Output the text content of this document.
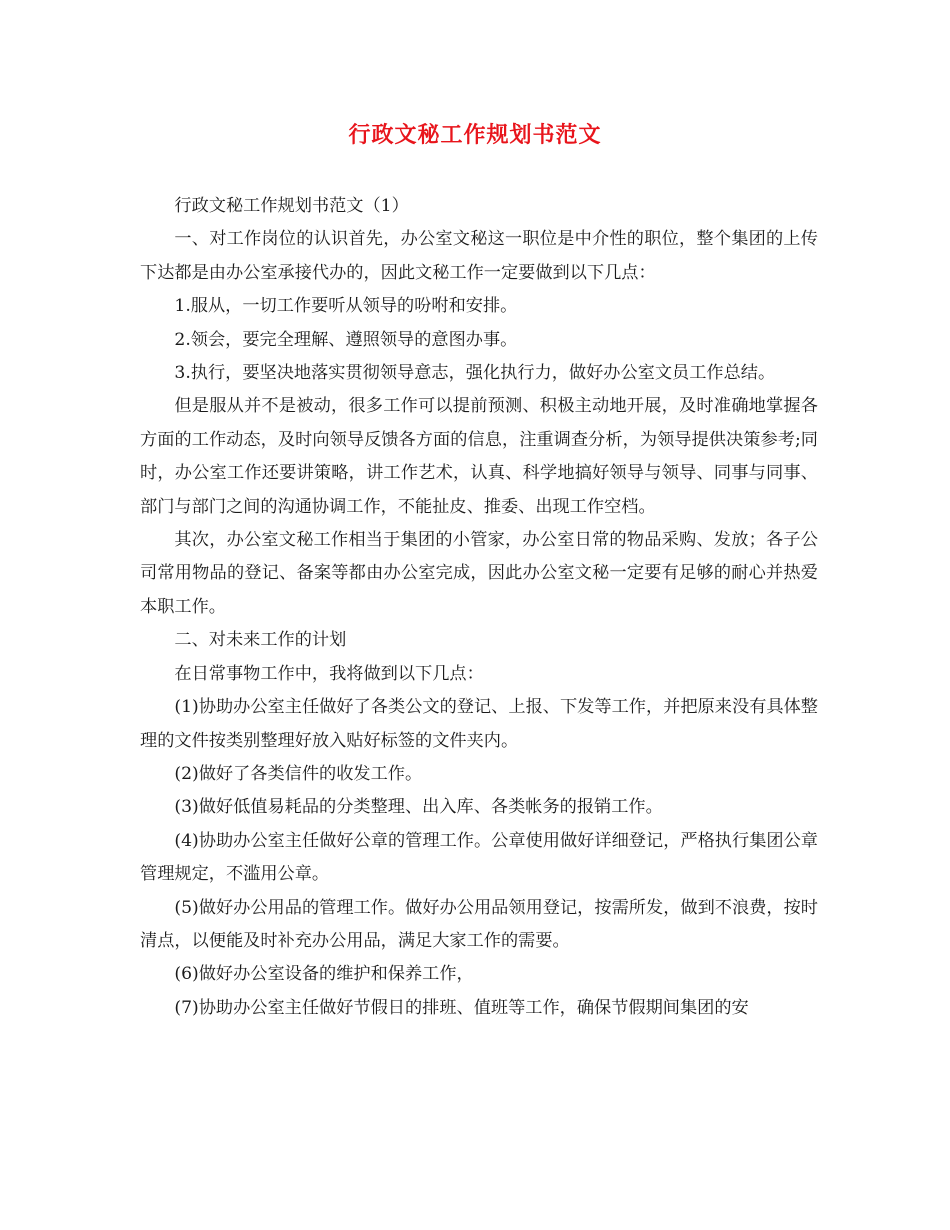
行政文秘工作规划书范文

行政文秘工作规划书范文（1）

一、对工作岗位的认识首先，办公室文秘这一职位是中介性的职位，整个集团的上传下达都是由办公室承接代办的，因此文秘工作一定要做到以下几点：

1.服从，一切工作要听从领导的吩咐和安排。

2.领会，要完全理解、遵照领导的意图办事。

3.执行，要坚决地落实贯彻领导意志，强化执行力，做好办公室文员工作总结。

但是服从并不是被动，很多工作可以提前预测、积极主动地开展，及时准确地掌握各方面的工作动态，及时向领导反馈各方面的信息，注重调查分析，为领导提供决策参考;同时，办公室工作还要讲策略，讲工作艺术，认真、科学地搞好领导与领导、同事与同事、部门与部门之间的沟通协调工作，不能扯皮、推委、出现工作空档。

其次，办公室文秘工作相当于集团的小管家，办公室日常的物品采购、发放；各子公司常用物品的登记、备案等都由办公室完成，因此办公室文秘一定要有足够的耐心并热爱本职工作。

二、对未来工作的计划

在日常事物工作中，我将做到以下几点：

(1)协助办公室主任做好了各类公文的登记、上报、下发等工作，并把原来没有具体整理的文件按类别整理好放入贴好标签的文件夹内。

(2)做好了各类信件的收发工作。

(3)做好低值易耗品的分类整理、出入库、各类帐务的报销工作。

(4)协助办公室主任做好公章的管理工作。公章使用做好详细登记，严格执行集团公章管理规定，不滥用公章。

(5)做好办公用品的管理工作。做好办公用品领用登记，按需所发，做到不浪费，按时清点，以便能及时补充办公用品，满足大家工作的需要。

(6)做好办公室设备的维护和保养工作，

(7)协助办公室主任做好节假日的排班、值班等工作，确保节假期间集团的安
